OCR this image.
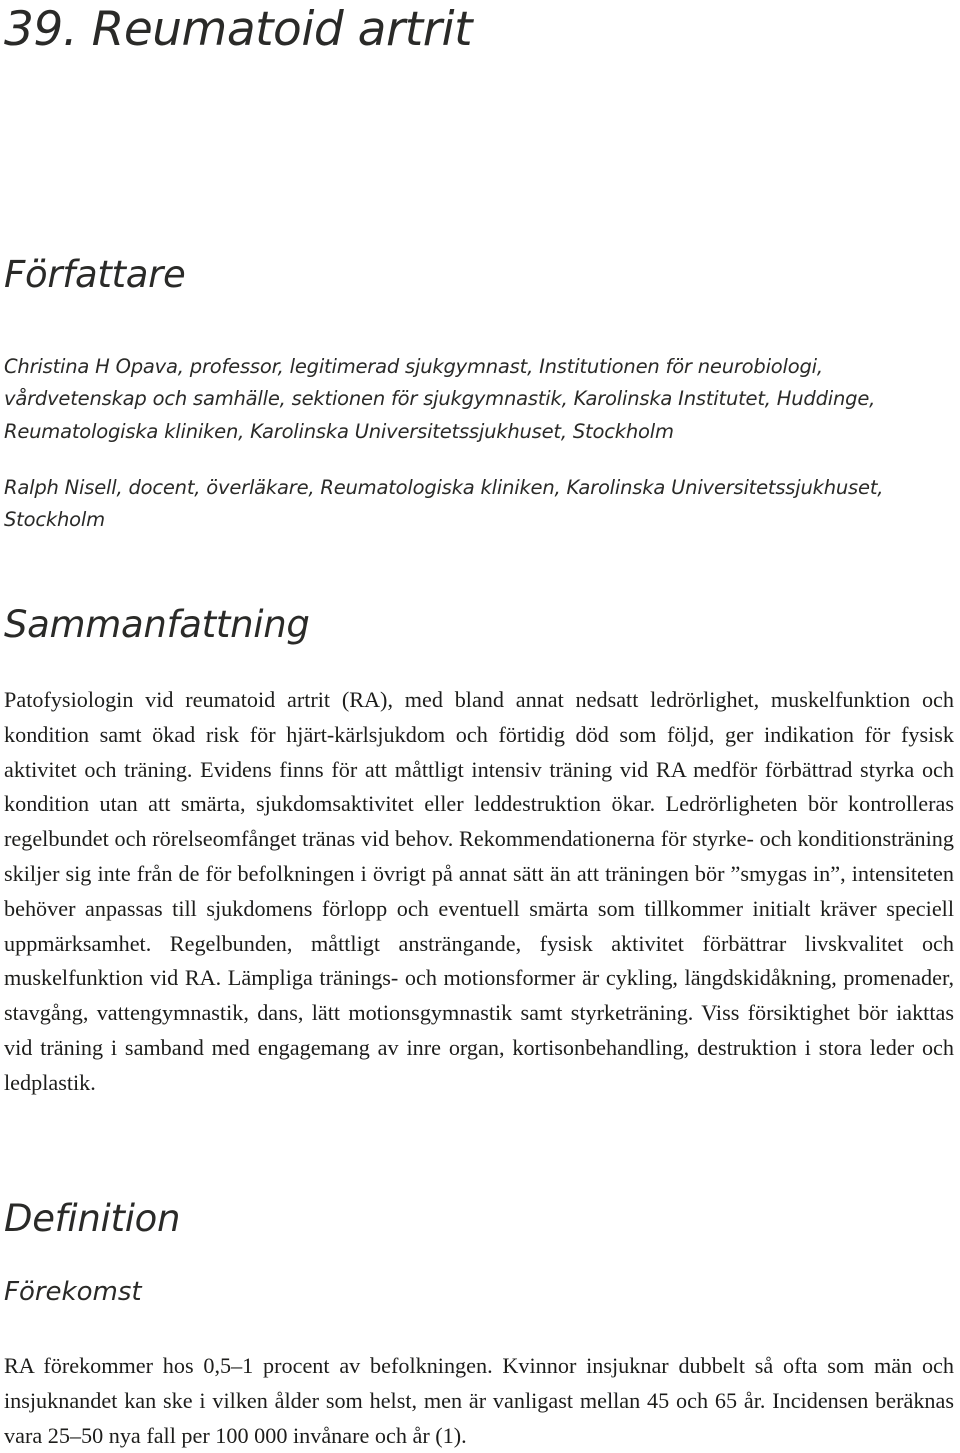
39. Reumatoid artrit
Författare

Christina H Opava, professor, legitimerad sjukgymnast, Institutionen för neurobiologi, vårdvetenskap och samhälle, sektionen för sjukgymnastik, Karolinska Institutet, Huddinge, Reumatologiska kliniken, Karolinska Universitetssjukhuset, Stockholm

Ralph Nisell, docent, överläkare, Reumatologiska kliniken, Karolinska Universitetssjukhuset, Stockholm

Sammanfattning

Patofysiologin vid reumatoid artrit (RA), med bland annat nedsatt ledrörlighet, muskelfunktion och kondition samt ökad risk för hjärt-kärlsjukdom och förtidig död som följd, ger indikation för fysisk aktivitet och träning. Evidens finns för att måttligt intensiv träning vid RA medför förbättrad styrka och kondition utan att smärta, sjukdomsaktivitet eller leddestruktion ökar. Ledrörligheten bör kontrolleras regelbundet och rörelseomfånget tränas vid behov. Rekommendationerna för styrke- och konditionsträning skiljer sig inte från de för befolkningen i övrigt på annat sätt än att träningen bör ”smygas in”, intensiteten behöver anpassas till sjukdomens förlopp och eventuell smärta som tillkommer initialt kräver speciell uppmärksamhet. Regelbunden, måttligt ansträngande, fysisk aktivitet förbättrar livskvalitet och muskelfunktion vid RA. Lämpliga tränings- och motionsformer är cykling, längdskidåkning, promenader, stavgång, vattengymnastik, dans, lätt motionsgymnastik samt styrketräning. Viss försiktighet bör iakttas vid träning i samband med engagemang av inre organ, kortisonbehandling, destruktion i stora leder och ledplastik.

Definition
Förekomst

RA förekommer hos 0,5–1 procent av befolkningen. Kvinnor insjuknar dubbelt så ofta som män och insjuknandet kan ske i vilken ålder som helst, men är vanligast mellan 45 och 65 år. Incidensen beräknas vara 25–50 nya fall per 100 000 invånare och år (1).
